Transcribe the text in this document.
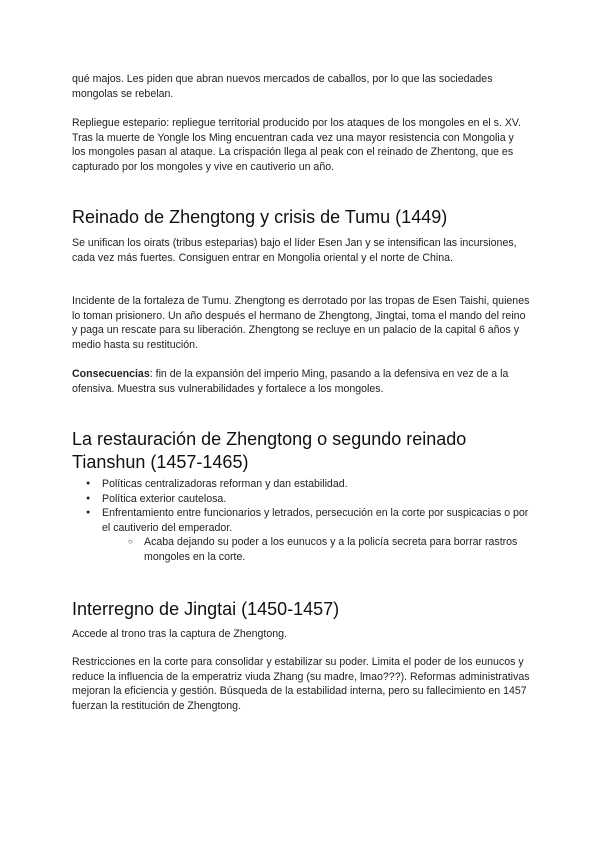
qué majos. Les piden que abran nuevos mercados de caballos, por lo que las sociedades mongolas se rebelan.

Repliegue estepario: repliegue territorial producido por los ataques de los mongoles en el s. XV. Tras la muerte de Yongle los Ming encuentran cada vez una mayor resistencia con Mongolia y los mongoles pasan al ataque. La crispación llega al peak con el reinado de Zhentong, que es capturado por los mongoles y vive en cautiverio un año.

Reinado de Zhengtong y crisis de Tumu (1449)

Se unifican los oirats (tribus esteparias) bajo el líder Esen Jan y se intensifican las incursiones, cada vez más fuertes. Consiguen entrar en Mongolia oriental y el norte de China.

Incidente de la fortaleza de Tumu. Zhengtong es derrotado por las tropas de Esen Taishi, quienes lo toman prisionero. Un año después el hermano de Zhengtong, Jingtai, toma el mando del reino y paga un rescate para su liberación. Zhengtong se recluye en un palacio de la capital 6 años y medio hasta su restitución.

Consecuencias: fin de la expansión del imperio Ming, pasando a la defensiva en vez de a la ofensiva. Muestra sus vulnerabilidades y fortalece a los mongoles.

La restauración de Zhengtong o segundo reinado Tianshun (1457-1465)
● Políticas centralizadoras reforman y dan estabilidad.
● Política exterior cautelosa.
● Enfrentamiento entre funcionarios y letrados, persecución en la corte por suspicacias o por el cautiverio del emperador.
○ Acaba dejando su poder a los eunucos y a la policía secreta para borrar rastros mongoles en la corte.
Interregno de Jingtai (1450-1457)

Accede al trono tras la captura de Zhengtong.

Restricciones en la corte para consolidar y estabilizar su poder. Limita el poder de los eunucos y reduce la influencia de la emperatriz viuda Zhang (su madre, lmao???). Reformas administrativas mejoran la eficiencia y gestión. Búsqueda de la estabilidad interna, pero su fallecimiento en 1457 fuerzan la restitución de Zhengtong.
